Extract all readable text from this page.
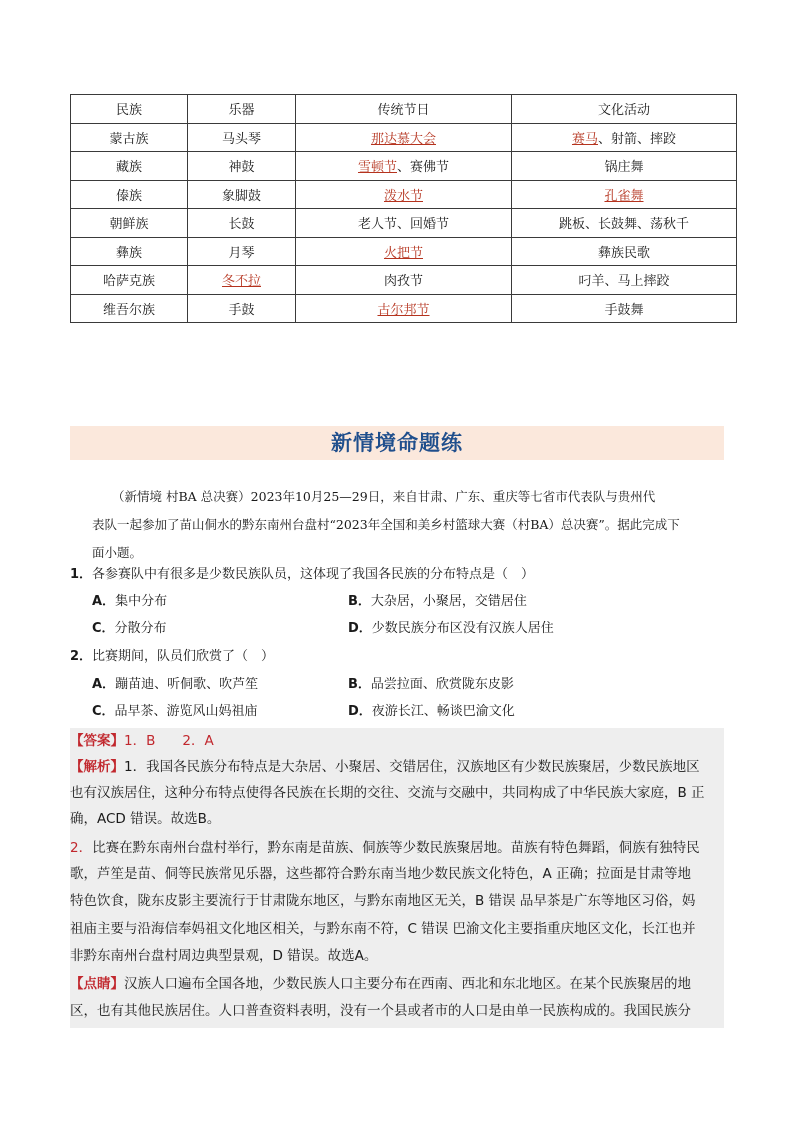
民族	乐器	传统节日	文化活动
蒙古族	马头琴	那达慕大会	赛马、射箭、摔跤
藏族	神鼓	雪顿节、赛佛节	锅庄舞
傣族	象脚鼓	泼水节	孔雀舞
朝鲜族	长鼓	老人节、回婚节	跳板、长鼓舞、荡秋千
彝族	月琴	火把节	彝族民歌
哈萨克族	冬不拉	肉孜节	叼羊、马上摔跤
维吾尔族	手鼓	古尔邦节	手鼓舞
新情境命题练
（新情境 村BA 总决赛）2023年10月25—29日，来自甘肃、广东、重庆等七省市代表队与贵州代
表队一起参加了苗山侗水的黔东南州台盘村“2023年全国和美乡村篮球大赛（村BA）总决赛”。据此完成下
面小题。
1．各参赛队中有很多是少数民族队员，这体现了我国各民族的分布特点是（　）
A．集中分布	B．大杂居，小聚居，交错居住
C．分散分布	D．少数民族分布区没有汉族人居住
2．比赛期间，队员们欣赏了（　）
A．蹦苗迪、听侗歌、吹芦笙	B．品尝拉面、欣赏陇东皮影
C．品早茶、游览风山妈祖庙	D．夜游长江、畅谈巴渝文化
【答案】1．B　　2．A
【解析】1．我国各民族分布特点是大杂居、小聚居、交错居住，汉族地区有少数民族聚居，少数民族地区
也有汉族居住，这种分布特点使得各民族在长期的交往、交流与交融中，共同构成了中华民族大家庭，B 正
确，ACD 错误。故选B。
2．比赛在黔东南州台盘村举行，黔东南是苗族、侗族等少数民族聚居地。苗族有特色舞蹈，侗族有独特民
歌，芦笙是苗、侗等民族常见乐器，这些都符合黔东南当地少数民族文化特色，A 正确；拉面是甘肃等地
特色饮食，陇东皮影主要流行于甘肃陇东地区，与黔东南地区无关，B 错误 品早茶是广东等地区习俗，妈
祖庙主要与沿海信奉妈祖文化地区相关，与黔东南不符，C 错误 巴渝文化主要指重庆地区文化，长江也并
非黔东南州台盘村周边典型景观，D 错误。故选A。
【点睛】汉族人口遍布全国各地，少数民族人口主要分布在西南、西北和东北地区。在某个民族聚居的地
区，也有其他民族居住。人口普查资料表明，没有一个县或者市的人口是由单一民族构成的。我国民族分
